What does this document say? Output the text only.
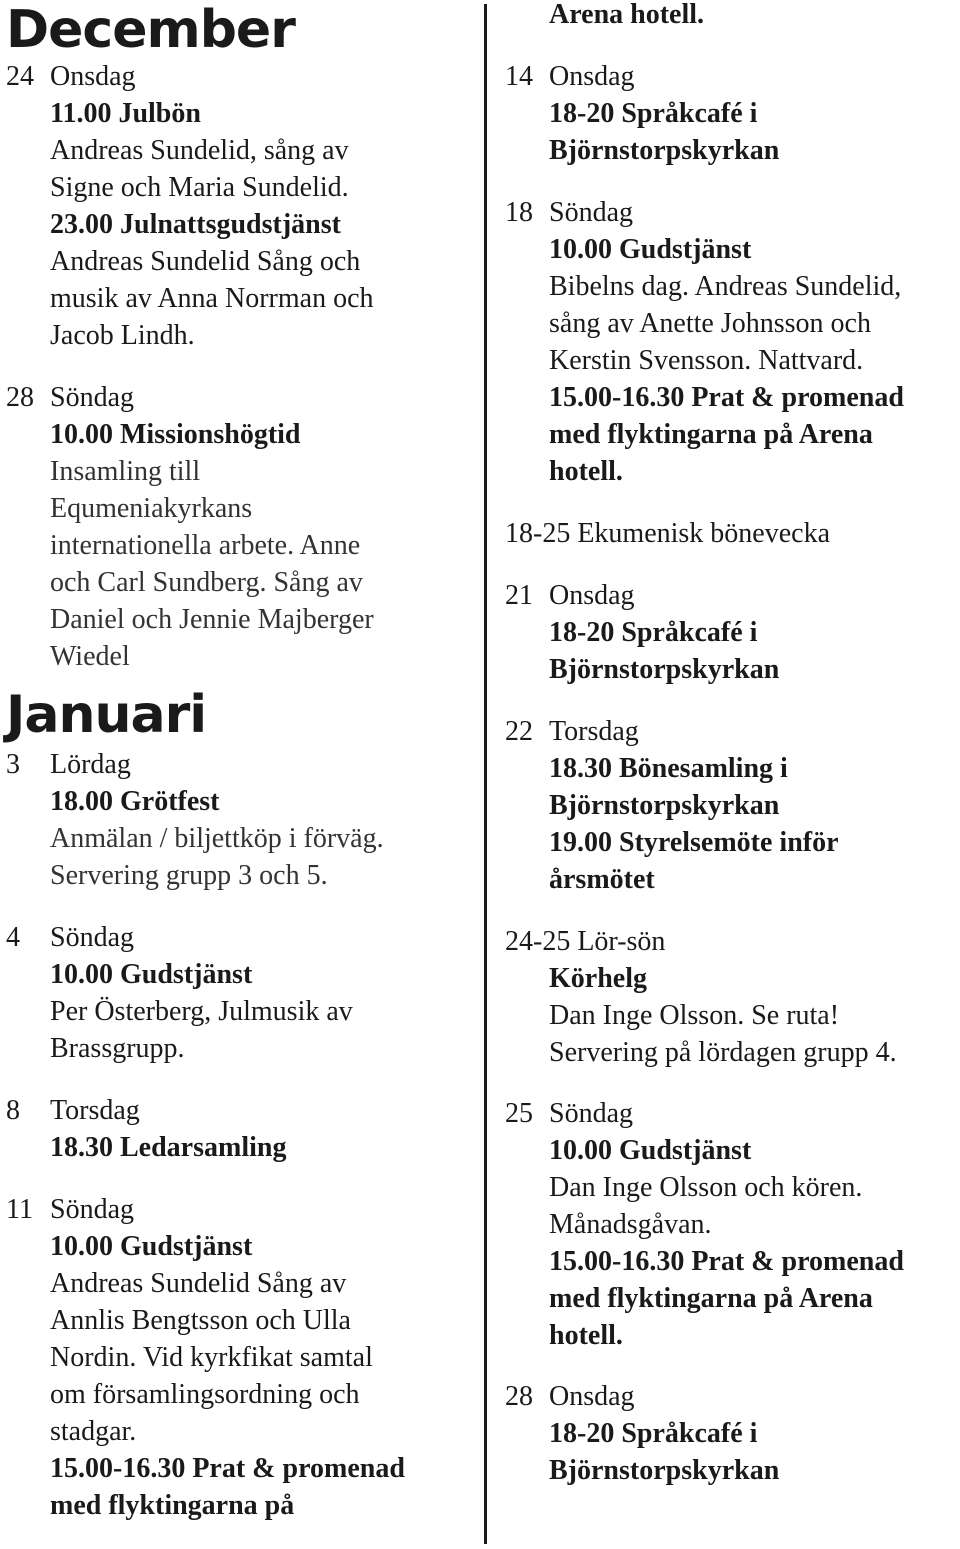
December
24 Onsdag
11.00 Julbön
Andreas Sundelid, sång av
Signe och Maria Sundelid.
23.00 Julnattsgudstjänst
Andreas Sundelid Sång och
musik av Anna Norrman och
Jacob Lindh.
28 Söndag
10.00 Missionshögtid
Insamling till
Equmeniakyrkans
internationella arbete. Anne
och Carl Sundberg. Sång av
Daniel och Jennie Majberger
Wiedel
Januari
3 Lördag
18.00 Grötfest
Anmälan / biljettköp i förväg.
Servering grupp 3 och 5.
4 Söndag
10.00 Gudstjänst
Per Österberg, Julmusik av
Brassgrupp.
8 Torsdag
18.30 Ledarsamling
11 Söndag
10.00 Gudstjänst
Andreas Sundelid Sång av
Annlis Bengtsson och Ulla
Nordin. Vid kyrkfikat samtal
om församlingsordning och
stadgar.
15.00-16.30 Prat & promenad
med flyktingarna på
Arena hotell.
14 Onsdag
18-20 Språkcafé i
Björnstorpskyrkan
18 Söndag
10.00 Gudstjänst
Bibelns dag. Andreas Sundelid,
sång av Anette Johnsson och
Kerstin Svensson. Nattvard.
15.00-16.30 Prat & promenad
med flyktingarna på Arena
hotell.
18-25 Ekumenisk bönevecka
21 Onsdag
18-20 Språkcafé i
Björnstorpskyrkan
22 Torsdag
18.30 Bönesamling i
Björnstorpskyrkan
19.00 Styrelsemöte inför
årsmötet
24-25 Lör-sön
Körhelg
Dan Inge Olsson. Se ruta!
Servering på lördagen grupp 4.
25 Söndag
10.00 Gudstjänst
Dan Inge Olsson och kören.
Månadsgåvan.
15.00-16.30 Prat & promenad
med flyktingarna på Arena
hotell.
28 Onsdag
18-20 Språkcafé i
Björnstorpskyrkan
